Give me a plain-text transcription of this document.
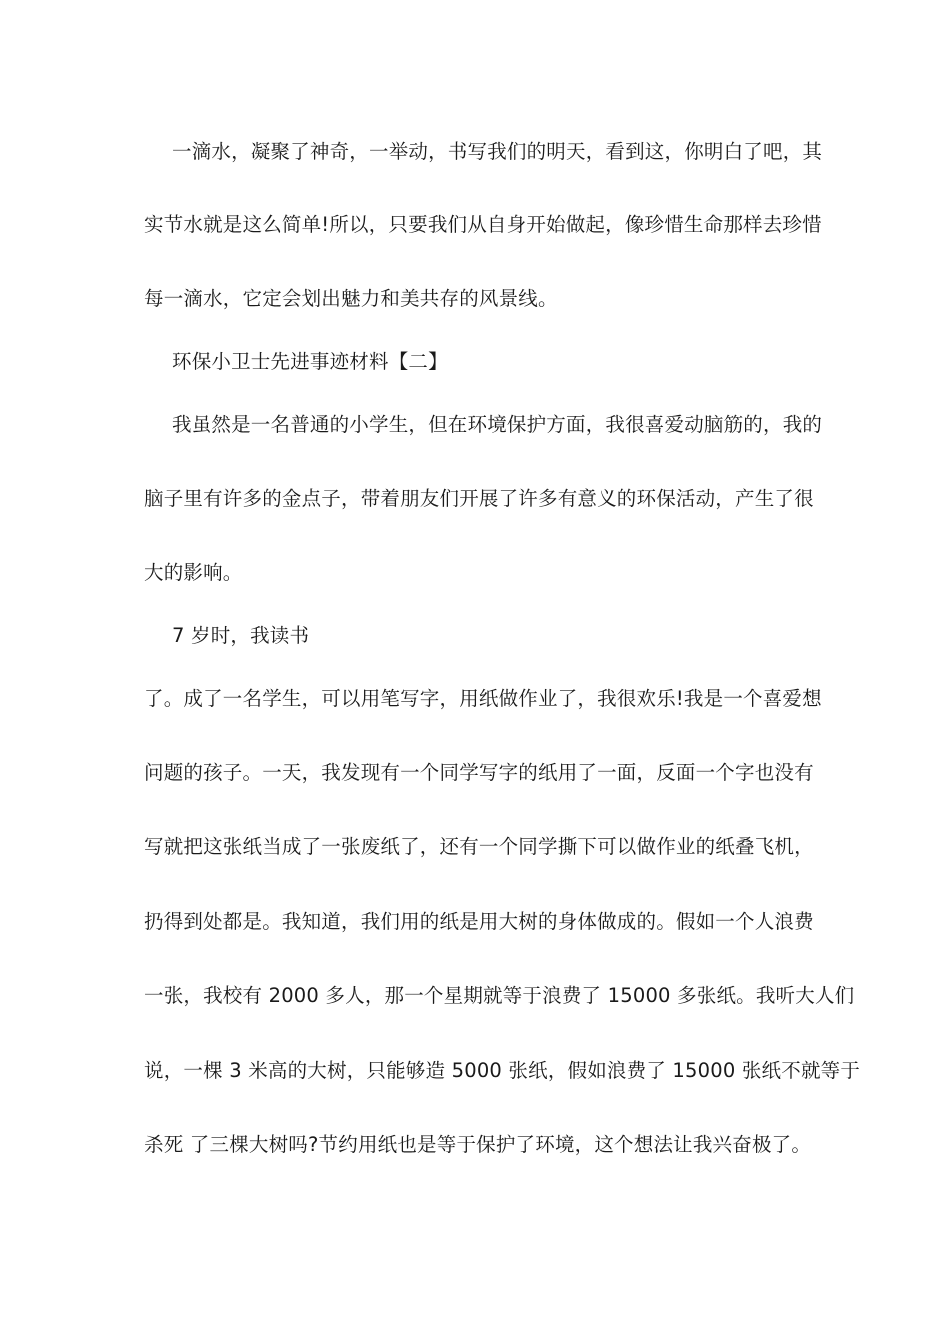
一滴水，凝聚了神奇，一举动，书写我们的明天，看到这，你明白了吧，其
实节水就是这么简单!所以，只要我们从自身开始做起，像珍惜生命那样去珍惜
每一滴水，它定会划出魅力和美共存的风景线。
环保小卫士先进事迹材料【二】
我虽然是一名普通的小学生，但在环境保护方面，我很喜爱动脑筋的，我的
脑子里有许多的金点子，带着朋友们开展了许多有意义的环保活动，产生了很
大的影响。
7 岁时，我读书
了。成了一名学生，可以用笔写字，用纸做作业了，我很欢乐!我是一个喜爱想
问题的孩子。一天，我发现有一个同学写字的纸用了一面，反面一个字也没有
写就把这张纸当成了一张废纸了，还有一个同学撕下可以做作业的纸叠飞机，
扔得到处都是。我知道，我们用的纸是用大树的身体做成的。假如一个人浪费
一张，我校有 2000 多人，那一个星期就等于浪费了 15000 多张纸。我听大人们
说，一棵 3 米高的大树，只能够造 5000 张纸，假如浪费了 15000 张纸不就等于
杀死 了三棵大树吗?节约用纸也是等于保护了环境，这个想法让我兴奋极了。
